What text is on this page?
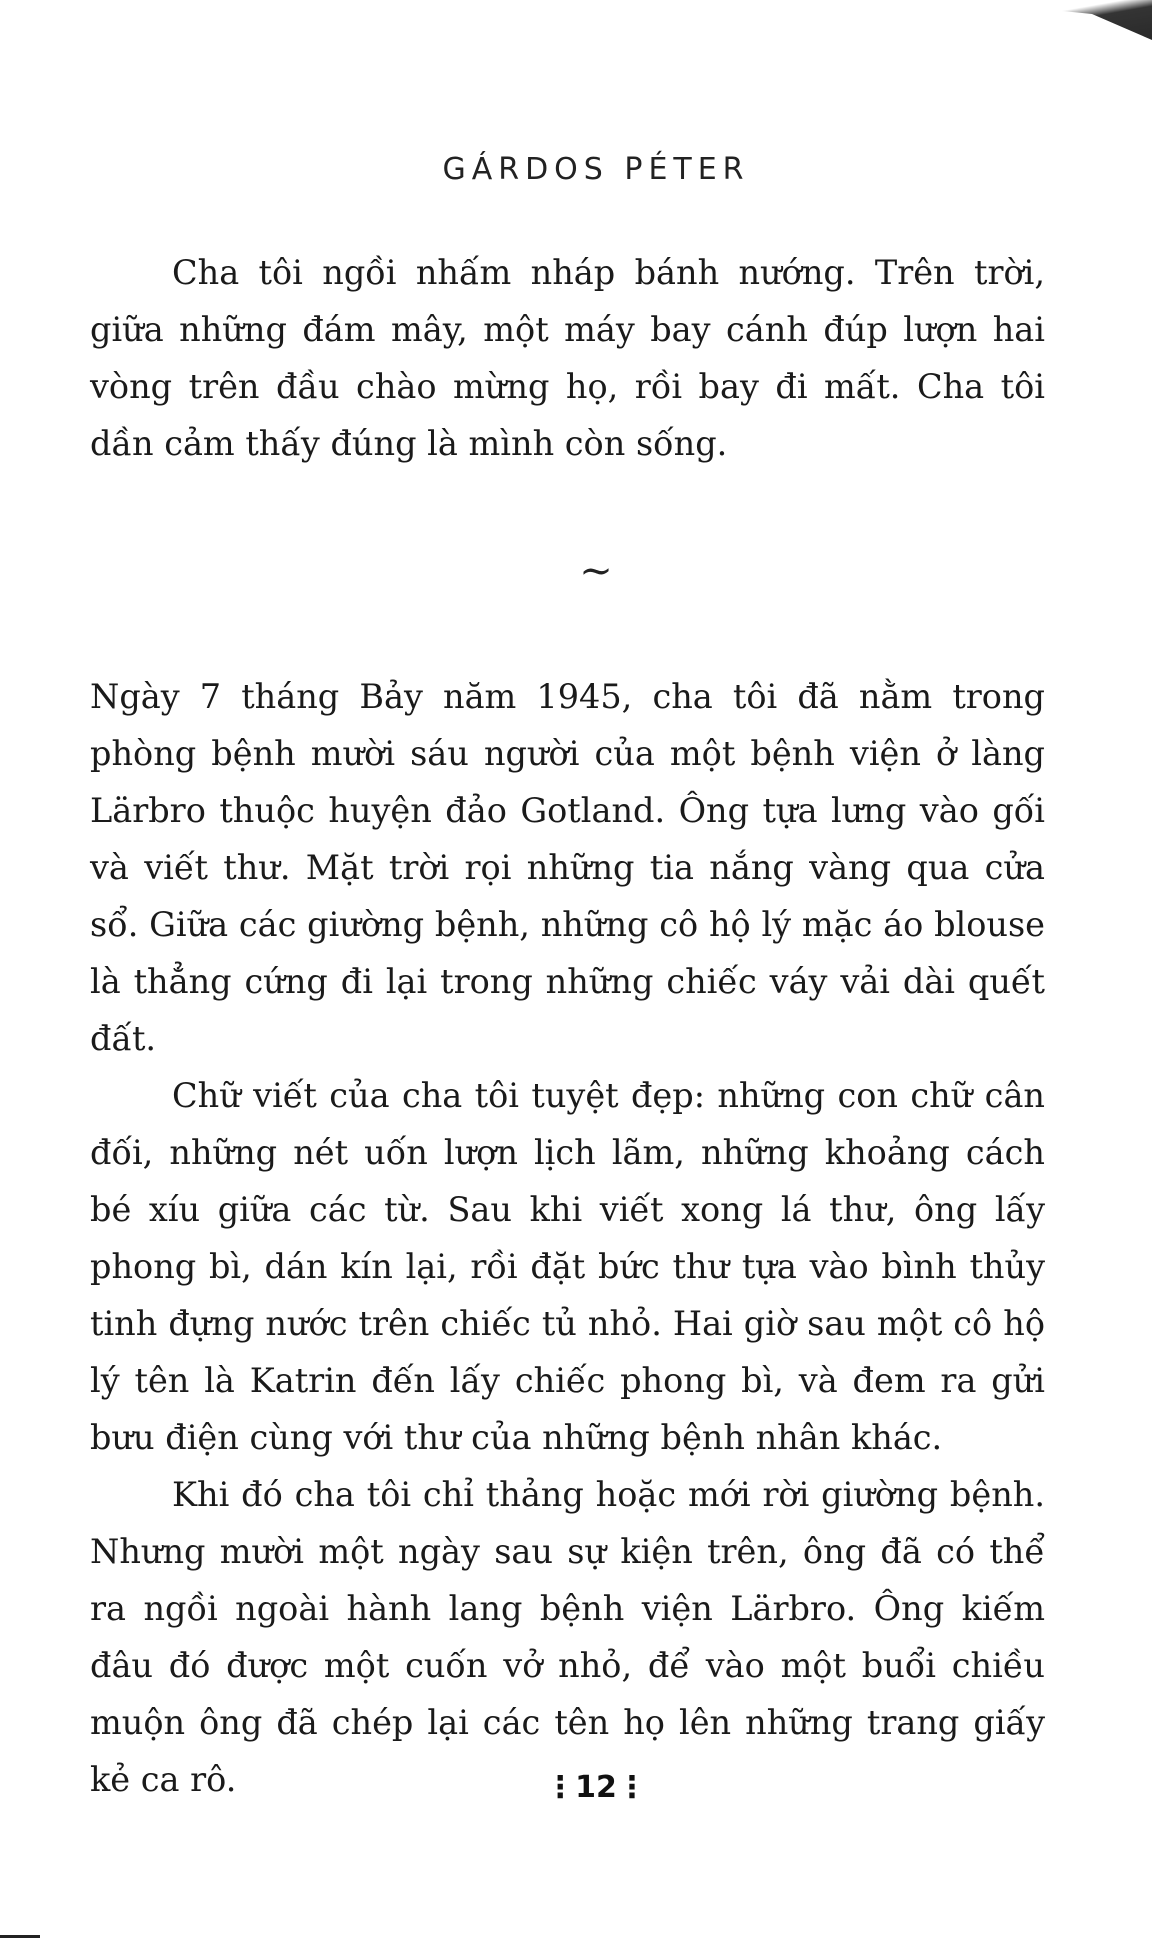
GÁRDOS PÉTER

Cha tôi ngồi nhấm nháp bánh nướng. Trên trời, giữa những đám mây, một máy bay cánh đúp lượn hai vòng trên đầu chào mừng họ, rồi bay đi mất. Cha tôi dần cảm thấy đúng là mình còn sống.

~

Ngày 7 tháng Bảy năm 1945, cha tôi đã nằm trong phòng bệnh mười sáu người của một bệnh viện ở làng Lärbro thuộc huyện đảo Gotland. Ông tựa lưng vào gối và viết thư. Mặt trời rọi những tia nắng vàng qua cửa sổ. Giữa các giường bệnh, những cô hộ lý mặc áo blouse là thẳng cứng đi lại trong những chiếc váy vải dài quết đất.

Chữ viết của cha tôi tuyệt đẹp: những con chữ cân đối, những nét uốn lượn lịch lãm, những khoảng cách bé xíu giữa các từ. Sau khi viết xong lá thư, ông lấy phong bì, dán kín lại, rồi đặt bức thư tựa vào bình thủy tinh đựng nước trên chiếc tủ nhỏ. Hai giờ sau một cô hộ lý tên là Katrin đến lấy chiếc phong bì, và đem ra gửi bưu điện cùng với thư của những bệnh nhân khác.

Khi đó cha tôi chỉ thảng hoặc mới rời giường bệnh. Nhưng mười một ngày sau sự kiện trên, ông đã có thể ra ngồi ngoài hành lang bệnh viện Lärbro. Ông kiếm đâu đó được một cuốn vở nhỏ, để vào một buổi chiều muộn ông đã chép lại các tên họ lên những trang giấy kẻ ca rô.	⋮12⋮
